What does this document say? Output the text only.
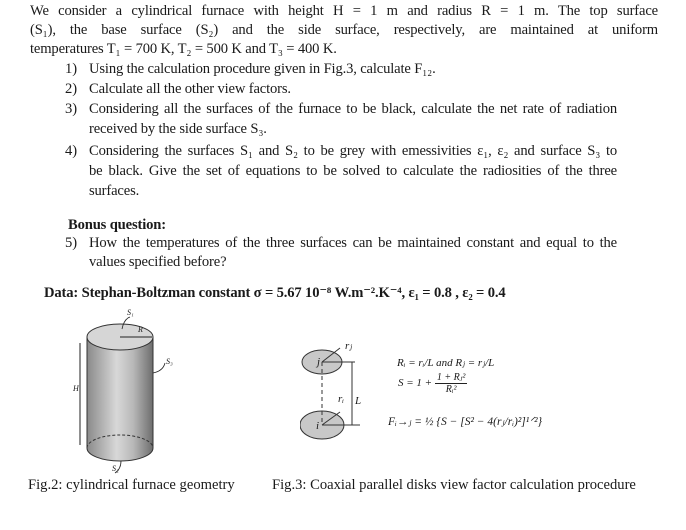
We consider a cylindrical furnace with height H = 1 m and radius R = 1 m. The top surface
(S₁), the base surface (S₂) and the side surface, respectively, are maintained at uniform
temperatures T₁ = 700 K, T₂ = 500 K and T₃ = 400 K.
1) Using the calculation procedure given in Fig.3, calculate F₁₂.
2) Calculate all the other view factors.
3) Considering all the surfaces of the furnace to be black, calculate the net rate of radiation
received by the side surface S₃.
4) Considering the surfaces S₁ and S₂ to be grey with emessivities ε₁, ε₂ and surface S₃ to
be black. Give the set of equations to be solved to calculate the radiosities of the three
surfaces.
Bonus question:
5) How the temperatures of the three surfaces can be maintained constant and equal to the
values specified before?
Data: Stephan-Boltzman constant σ = 5.67 10⁻⁸ W.m⁻².K⁻⁴, ε₁ = 0.8 , ε₂ = 0.4
S₁
R
S₃
H
S₂
Fig.2: cylindrical furnace geometry
j
i
rⱼ
rᵢ L
Rᵢ = rᵢ/L and Rⱼ = rⱼ/L
$S = 1 + \frac{\text{1 + Rⱼ²}}{\text{Rᵢ²}}$
Fᵢ→ⱼ = ½ {S − [S² − 4(rⱼ/rᵢ)²]¹ᐟ²}
Fig.3: Coaxial parallel disks view factor calculation procedure
